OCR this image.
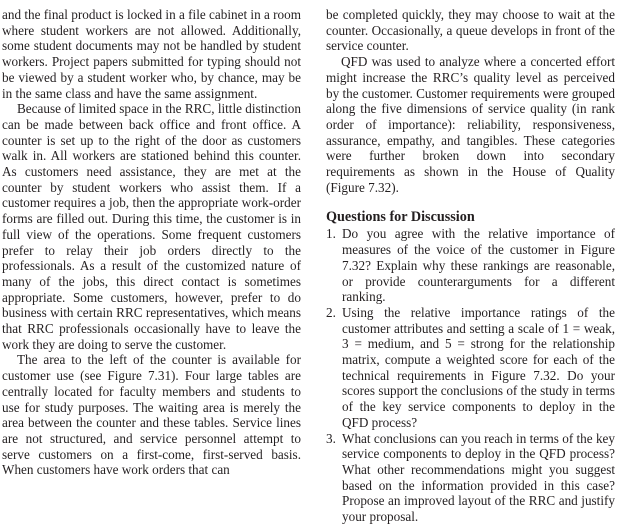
and the final product is locked in a file cabinet in a room where student workers are not allowed. Additionally, some student documents may not be handled by student workers. Project papers submitted for typing should not be viewed by a student worker who, by chance, may be in the same class and have the same assignment.

Because of limited space in the RRC, little distinction can be made between back office and front office. A counter is set up to the right of the door as customers walk in. All workers are stationed behind this counter. As customers need assistance, they are met at the counter by student workers who assist them. If a customer requires a job, then the appropriate work-order forms are filled out. During this time, the customer is in full view of the operations. Some frequent customers prefer to relay their job orders directly to the professionals. As a result of the customized nature of many of the jobs, this direct contact is sometimes appropriate. Some customers, however, prefer to do business with certain RRC representatives, which means that RRC professionals occasionally have to leave the work they are doing to serve the customer.

The area to the left of the counter is available for customer use (see Figure 7.31). Four large tables are centrally located for faculty members and students to use for study purposes. The waiting area is merely the area between the counter and these tables. Service lines are not structured, and service personnel attempt to serve customers on a first-come, first-served basis. When customers have work orders that can

be completed quickly, they may choose to wait at the counter. Occasionally, a queue develops in front of the service counter.

QFD was used to analyze where a concerted effort might increase the RRC’s quality level as perceived by the customer. Customer requirements were grouped along the five dimensions of service quality (in rank order of importance): reliability, responsiveness, assurance, empathy, and tangibles. These categories were further broken down into secondary requirements as shown in the House of Quality (Figure 7.32).

Questions for Discussion
1. Do you agree with the relative importance of measures of the voice of the customer in Figure 7.32? Explain why these rankings are reasonable, or provide counterarguments for a different ranking.
2. Using the relative importance ratings of the customer attributes and setting a scale of 1 = weak, 3 = medium, and 5 = strong for the relationship matrix, compute a weighted score for each of the technical requirements in Figure 7.32. Do your scores support the conclusions of the study in terms of the key service components to deploy in the QFD process?
3. What conclusions can you reach in terms of the key service components to deploy in the QFD process? What other recommendations might you suggest based on the information provided in this case? Propose an improved layout of the RRC and justify your proposal.
